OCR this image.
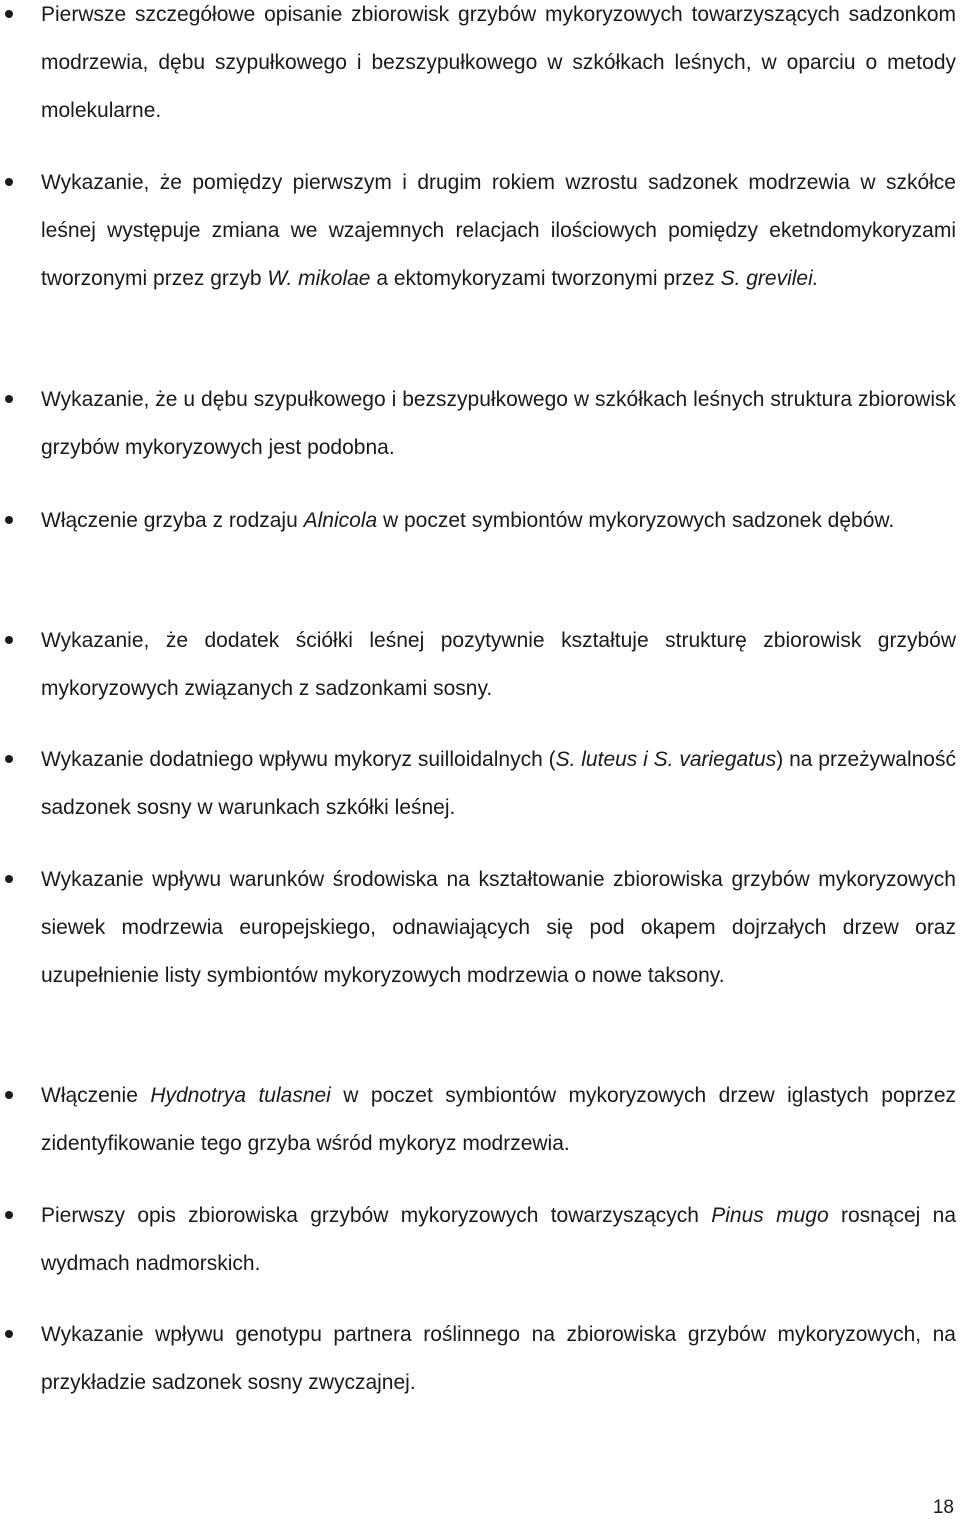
Pierwsze szczegółowe opisanie zbiorowisk grzybów mykoryzowych towarzyszących sadzonkom modrzewia, dębu szypułkowego i bezszypułkowego w szkółkach leśnych, w oparciu o metody molekularne.

Wykazanie, że pomiędzy pierwszym i drugim rokiem wzrostu sadzonek modrzewia w szkółce leśnej występuje zmiana we wzajemnych relacjach ilościowych pomiędzy eketndomykoryzami tworzonymi przez grzyb W. mikolae a ektomykoryzami tworzonymi przez S. grevilei.

Wykazanie, że u dębu szypułkowego i bezszypułkowego w szkółkach leśnych struktura zbiorowisk grzybów mykoryzowych jest podobna.

Włączenie grzyba z rodzaju Alnicola w poczet symbiontów mykoryzowych sadzonek dębów.

Wykazanie, że dodatek ściółki leśnej pozytywnie kształtuje strukturę zbiorowisk grzybów mykoryzowych związanych z sadzonkami sosny.

Wykazanie dodatniego wpływu mykoryz suilloidalnych (S. luteus i S. variegatus) na przeżywalność sadzonek sosny w warunkach szkółki leśnej.

Wykazanie wpływu warunków środowiska na kształtowanie zbiorowiska grzybów mykoryzowych siewek modrzewia europejskiego, odnawiających się pod okapem dojrzałych drzew oraz uzupełnienie listy symbiontów mykoryzowych modrzewia o nowe taksony.

Włączenie Hydnotrya tulasnei w poczet symbiontów mykoryzowych drzew iglastych poprzez zidentyfikowanie tego grzyba wśród mykoryz modrzewia.

Pierwszy opis zbiorowiska grzybów mykoryzowych towarzyszących Pinus mugo rosnącej na wydmach nadmorskich.

Wykazanie wpływu genotypu partnera roślinnego na zbiorowiska grzybów mykoryzowych, na przykładzie sadzonek sosny zwyczajnej.

18
